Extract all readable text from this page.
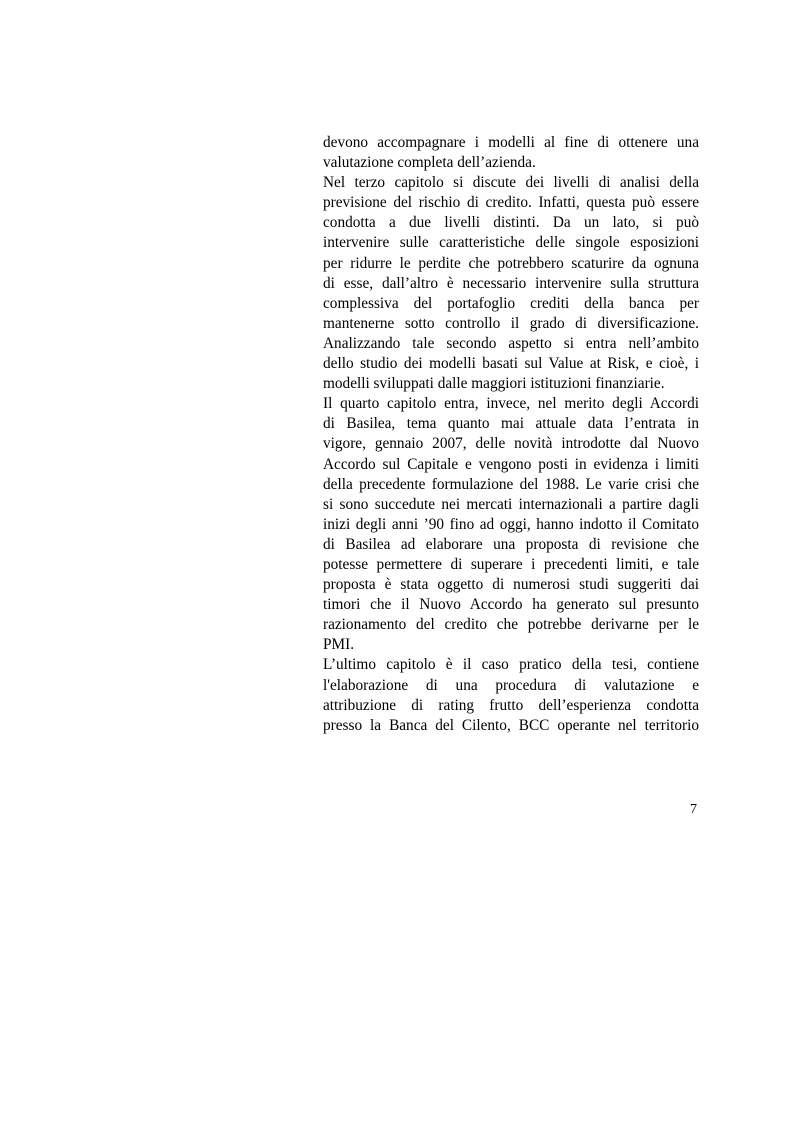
devono accompagnare i modelli al fine di ottenere una
valutazione completa dell’azienda.
Nel terzo capitolo si discute dei livelli di analisi della
previsione del rischio di credito. Infatti, questa può essere
condotta a due livelli distinti. Da un lato, si può
intervenire sulle caratteristiche delle singole esposizioni
per ridurre le perdite che potrebbero scaturire da ognuna
di esse, dall’altro è necessario intervenire sulla struttura
complessiva del portafoglio crediti della banca per
mantenerne sotto controllo il grado di diversificazione.
Analizzando tale secondo aspetto si entra nell’ambito
dello studio dei modelli basati sul Value at Risk, e cioè, i
modelli sviluppati dalle maggiori istituzioni finanziarie.
Il quarto capitolo entra, invece, nel merito degli Accordi
di Basilea, tema quanto mai attuale data l’entrata in
vigore, gennaio 2007, delle novità introdotte dal Nuovo
Accordo sul Capitale e vengono posti in evidenza i limiti
della precedente formulazione del 1988. Le varie crisi che
si sono succedute nei mercati internazionali a partire dagli
inizi degli anni ’90 fino ad oggi, hanno indotto il Comitato
di Basilea ad elaborare una proposta di revisione che
potesse permettere di superare i precedenti limiti, e tale
proposta è stata oggetto di numerosi studi suggeriti dai
timori che il Nuovo Accordo ha generato sul presunto
razionamento del credito che potrebbe derivarne per le
PMI.
L’ultimo capitolo è il caso pratico della tesi, contiene
l'elaborazione di una procedura di valutazione e
attribuzione di rating frutto dell’esperienza condotta
presso la Banca del Cilento, BCC operante nel territorio
7
